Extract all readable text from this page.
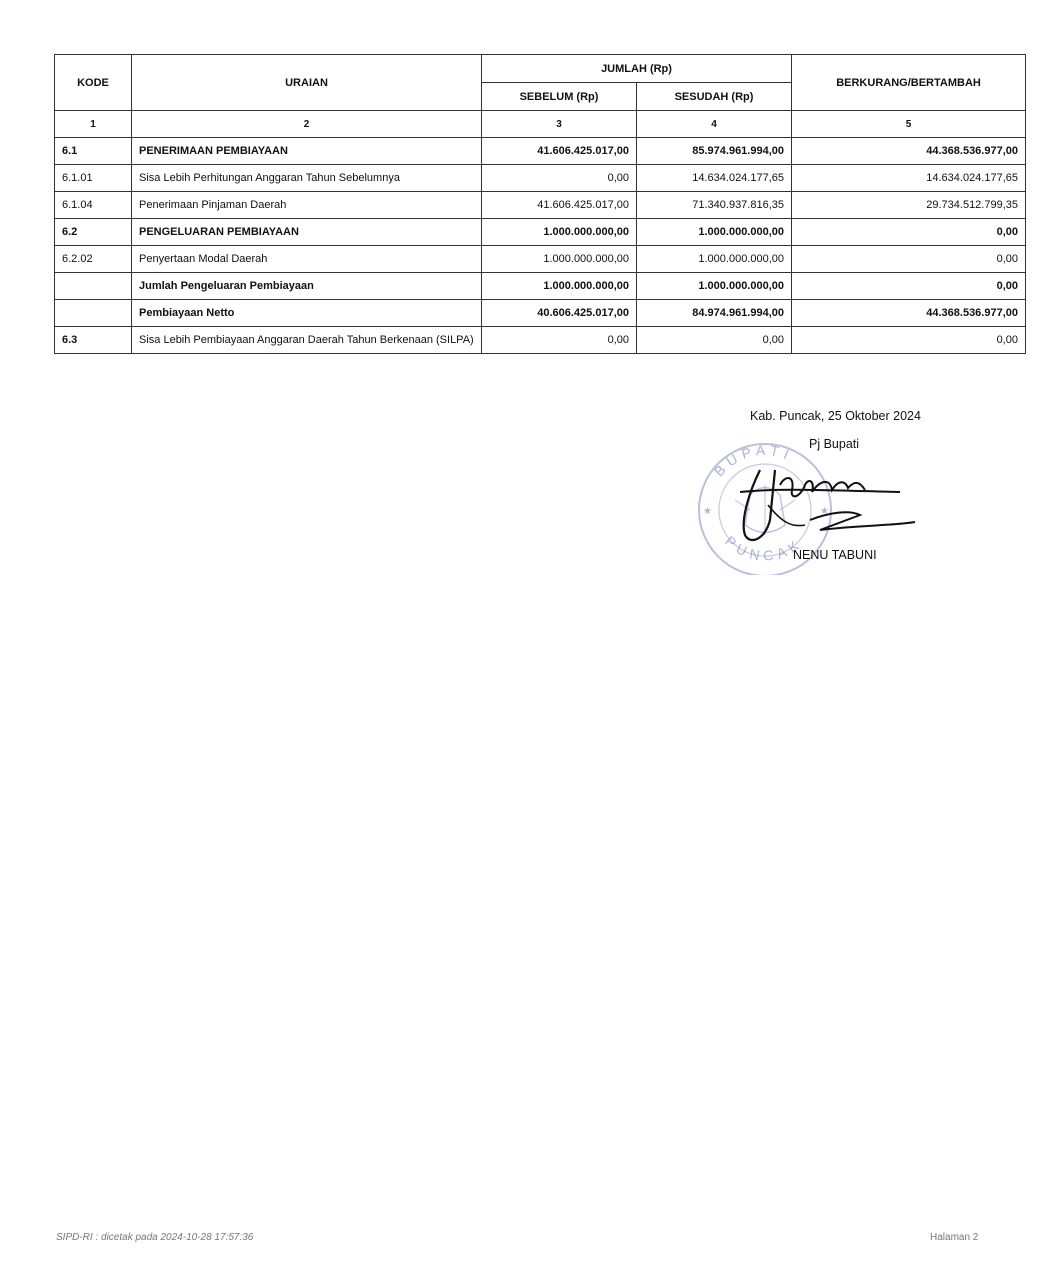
KODE	URAIAN	JUMLAH (Rp)		BERKURANG/BERTAMBAH
		SEBELUM (Rp)	SESUDAH (Rp)	
1	2	3	4	5
6.1	PENERIMAAN PEMBIAYAAN	41.606.425.017,00	85.974.961.994,00	44.368.536.977,00
6.1.01	Sisa Lebih Perhitungan Anggaran Tahun Sebelumnya	0,00	14.634.024.177,65	14.634.024.177,65
6.1.04	Penerimaan Pinjaman Daerah	41.606.425.017,00	71.340.937.816,35	29.734.512.799,35
6.2	PENGELUARAN PEMBIAYAAN	1.000.000.000,00	1.000.000.000,00	0,00
6.2.02	Penyertaan Modal Daerah	1.000.000.000,00	1.000.000.000,00	0,00
	Jumlah Pengeluaran Pembiayaan	1.000.000.000,00	1.000.000.000,00	0,00
	Pembiayaan Netto	40.606.425.017,00	84.974.961.994,00	44.368.536.977,00
6.3	Sisa Lebih Pembiayaan Anggaran Daerah Tahun Berkenaan (SILPA)	0,00	0,00	0,00
BUPATI
PUNCAK
★	★
Kab. Puncak, 25 Oktober 2024
Pj Bupati
NENU TABUNI
SIPD-RI : dicetak pada 2024-10-28 17:57:36	Halaman 2
